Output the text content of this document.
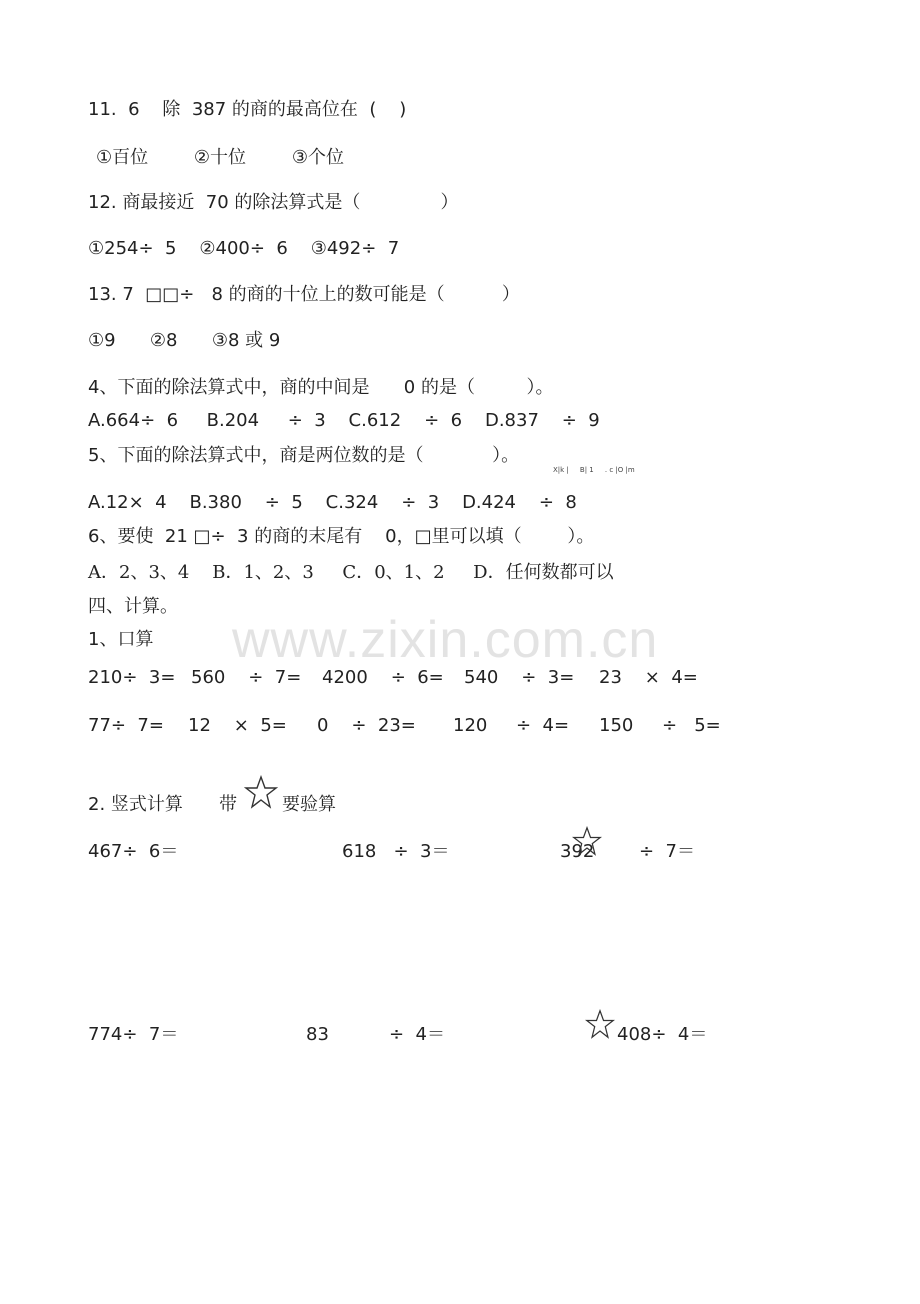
11.  6    除  387 的商的最高位在  (    )
①百位        ②十位        ③个位
12. 商最接近  70 的除法算式是（              ）
①254÷  5    ②400÷  6    ③492÷  7
13. 7  □□÷   8 的商的十位上的数可能是（          ）
①9      ②8      ③8 或 9
4、下面的除法算式中，商的中间是      0 的是（         ）。
A.664÷  6     B.204     ÷  3    C.612    ÷  6    D.837    ÷  9
5、下面的除法算式中，商是两位数的是（            ）。
X|k |     B| 1     . c |O |m
A.12×  4    B.380    ÷  5    C.324    ÷  3    D.424    ÷  8
6、要使  21 □÷  3 的商的末尾有    0，□里可以填（        ）。
A．2、3、4    B．1、2、3     C．0、1、2     D．任何数都可以
四、计算。
www.zixin.com.cn
1、口算
210÷  3= 560    ÷  7= 4200    ÷  6= 540    ÷  3= 23    ×  4=
77÷  7= 12    ×  5= 0    ÷  23= 120     ÷  4= 150     ÷   5=
2. 竖式计算 带	要验算
467÷  6＝	618   ÷  3＝	392 ÷  7＝
774÷  7＝	83	÷  4＝	408÷  4＝
